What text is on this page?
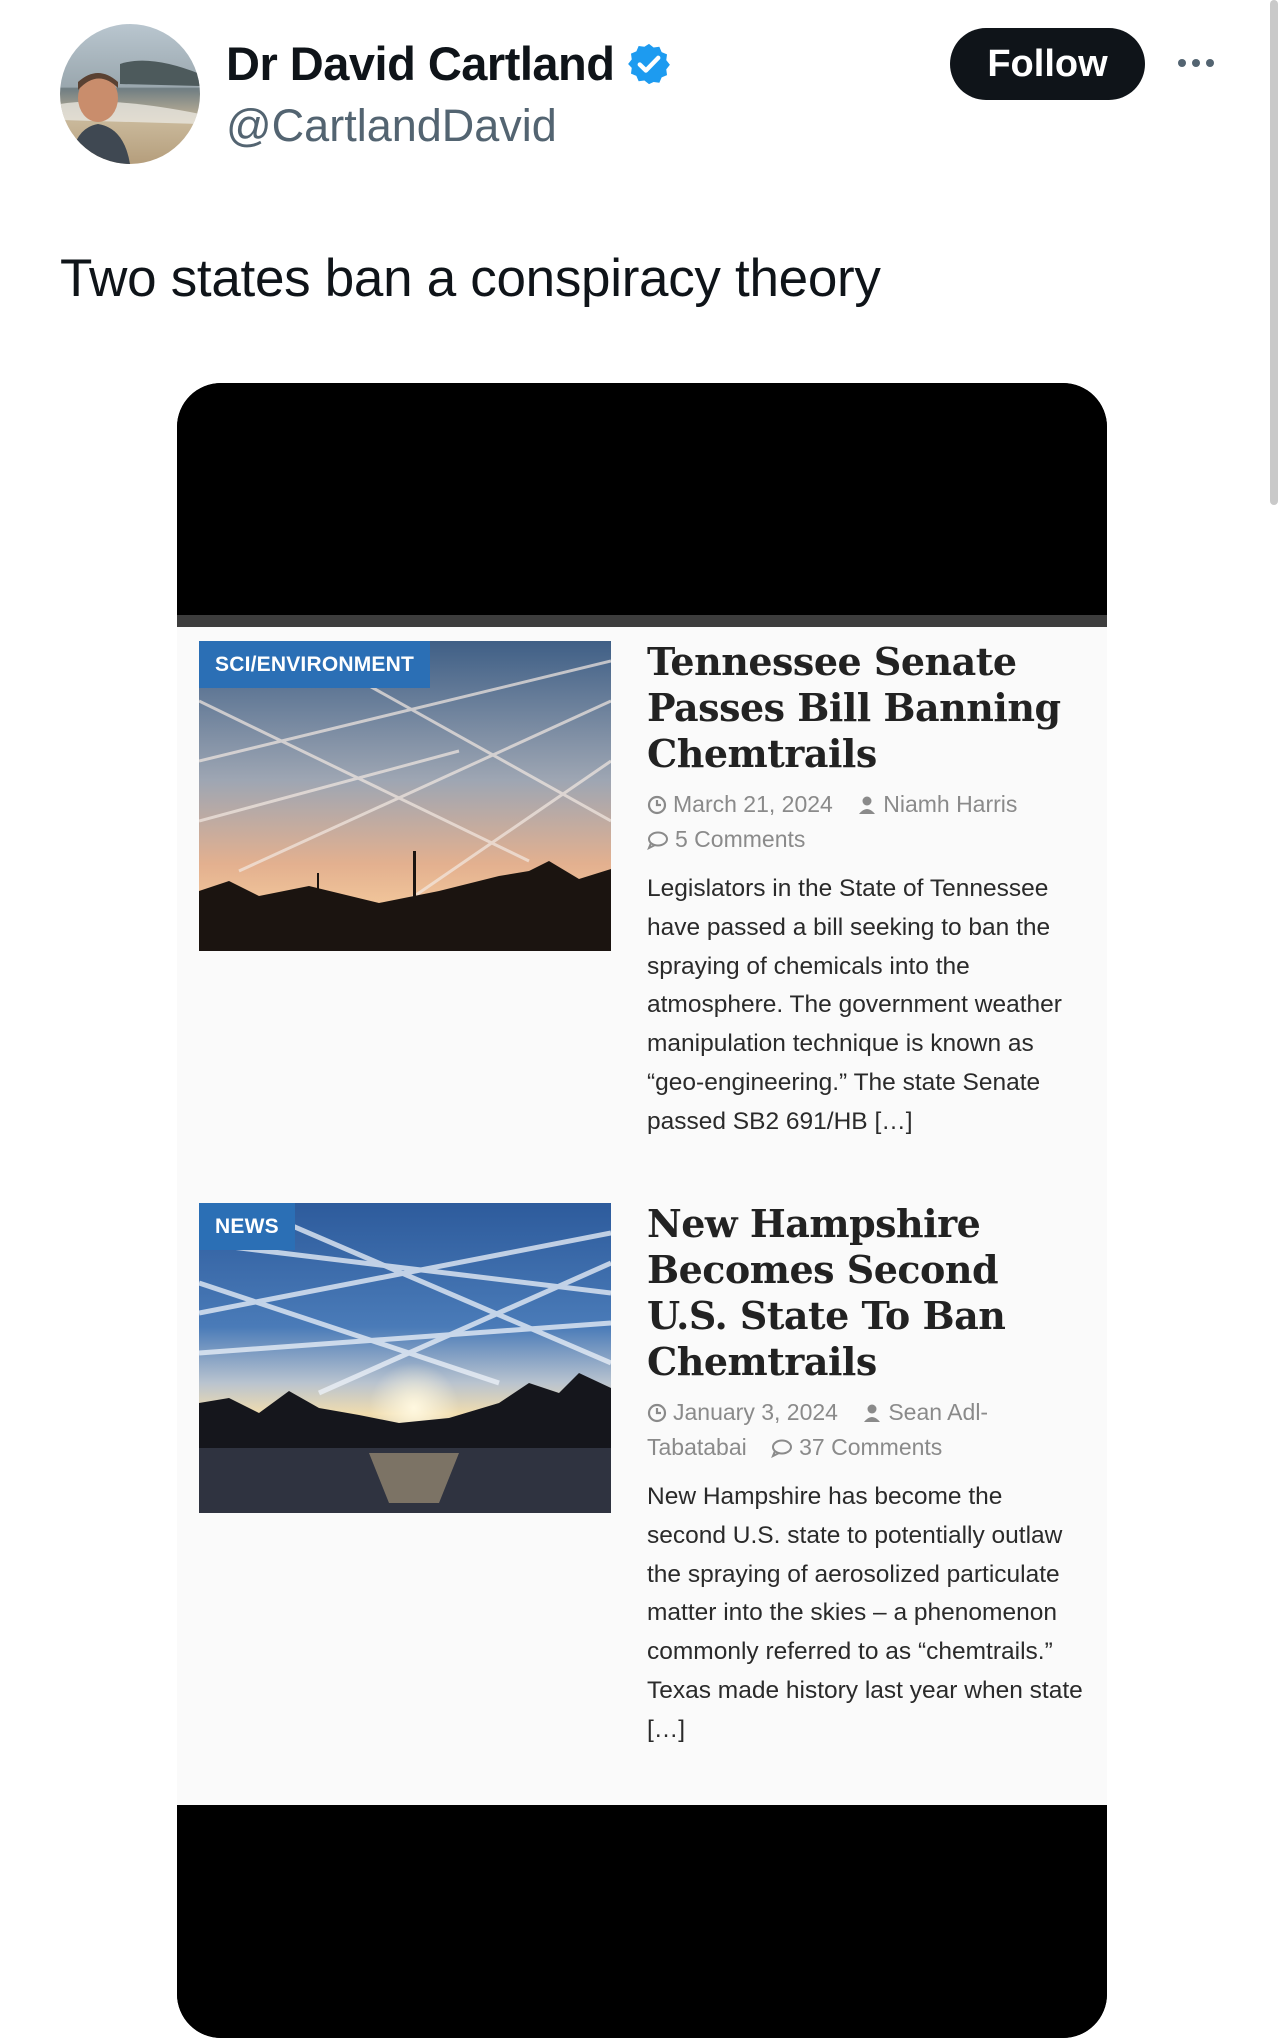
Dr David Cartland
@CartlandDavid
Follow
Two states ban a conspiracy theory
SCI/ENVIRONMENT	Tennessee Senate Passes Bill Banning Chemtrails
March 21, 2024 Niamh Harris 5 Comments
Legislators in the State of Tennessee have passed a bill seeking to ban the spraying of chemicals into the atmosphere. The government weather manipulation technique is known as “geo-engineering.” The state Senate passed SB2 691/HB […]
NEWS	New Hampshire Becomes Second U.S. State To Ban Chemtrails
January 3, 2024 Sean Adl-Tabatabai 37 Comments
New Hampshire has become the second U.S. state to potentially outlaw the spraying of aerosolized particulate matter into the skies – a phenomenon commonly referred to as “chemtrails.” Texas made history last year when state […]
